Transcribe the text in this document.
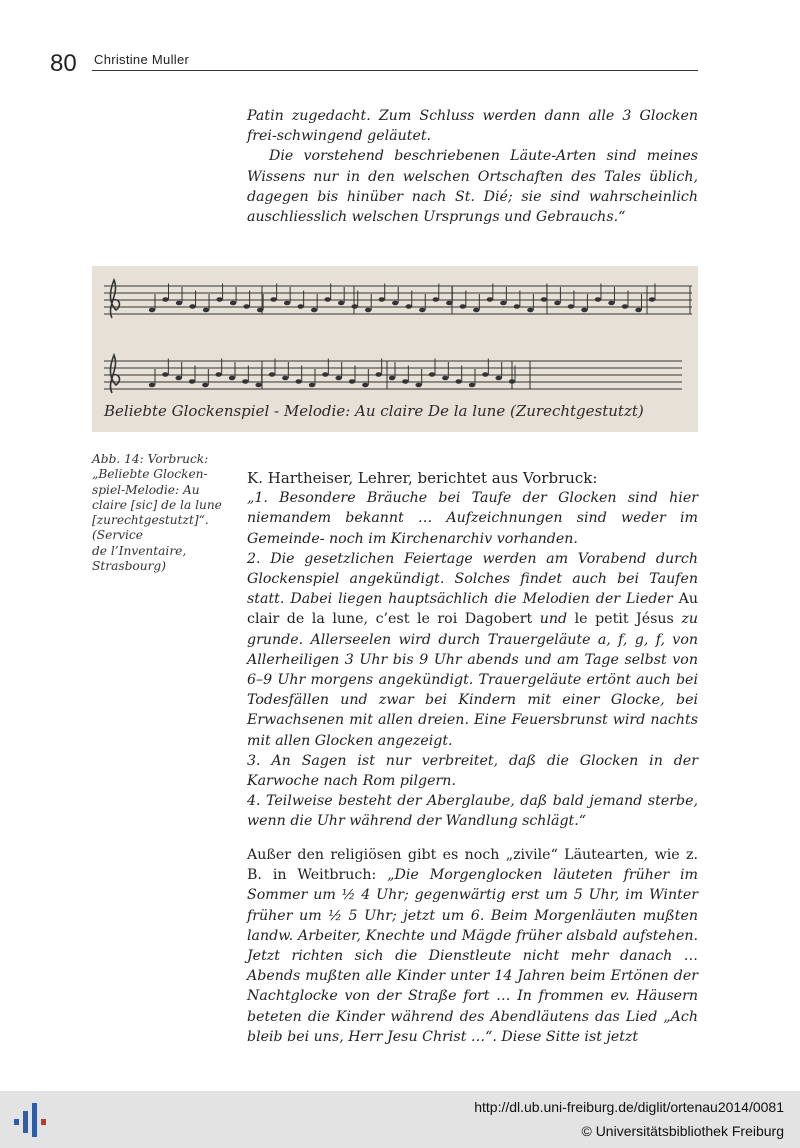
80 Christine Muller

Patin zugedacht. Zum Schluss werden dann alle 3 Glocken frei-schwingend geläutet.

Die vorstehend beschriebenen Läute-Arten sind meines Wissens nur in den welschen Ortschaften des Tales üblich, dagegen bis hinüber nach St. Dié; sie sind wahrscheinlich auschliesslich welschen Ursprungs und Gebrauchs.“

Beliebte Glockenspiel - Melodie: Au claire De la lune (Zurechtgestutzt)
Abb. 14: Vorbruck:
„Beliebte Glocken-
spiel-Melodie: Au
claire [sic] de la lune
[zurechtgestutzt]“.
(Service
de l’Inventaire,
Strasbourg)

K. Hartheiser, Lehrer, berichtet aus Vorbruck:

„1. Besondere Bräuche bei Taufe der Glocken sind hier niemandem bekannt … Aufzeichnungen sind weder im Gemeinde- noch im Kirchenarchiv vorhanden.

2. Die gesetzlichen Feiertage werden am Vorabend durch Glockenspiel angekündigt. Solches findet auch bei Taufen statt. Dabei liegen hauptsächlich die Melodien der Lieder Au clair de la lune, c’est le roi Dagobert und le petit Jésus zu grunde. Allerseelen wird durch Trauergeläute a, f, g, f, von Allerheiligen 3 Uhr bis 9 Uhr abends und am Tage selbst von 6–9 Uhr morgens angekündigt. Trauergeläute ertönt auch bei Todesfällen und zwar bei Kindern mit einer Glocke, bei Erwachsenen mit allen dreien. Eine Feuersbrunst wird nachts mit allen Glocken angezeigt.

3. An Sagen ist nur verbreitet, daß die Glocken in der Karwoche nach Rom pilgern.

4. Teilweise besteht der Aberglaube, daß bald jemand sterbe, wenn die Uhr während der Wandlung schlägt.“

Außer den religiösen gibt es noch „zivile“ Läutearten, wie z. B. in Weitbruch: „Die Morgenglocken läuteten früher im Sommer um ½ 4 Uhr; gegenwärtig erst um 5 Uhr, im Winter früher um ½ 5 Uhr; jetzt um 6. Beim Morgenläuten mußten landw. Arbeiter, Knechte und Mägde früher alsbald aufstehen. Jetzt richten sich die Dienstleute nicht mehr danach … Abends mußten alle Kinder unter 14 Jahren beim Ertönen der Nachtglocke von der Straße fort … In frommen ev. Häusern beteten die Kinder während des Abendläutens das Lied „Ach bleib bei uns, Herr Jesu Christ …“. Diese Sitte ist jetzt

http://dl.ub.uni-freiburg.de/diglit/ortenau2014/0081
© Universitätsbibliothek Freiburg
